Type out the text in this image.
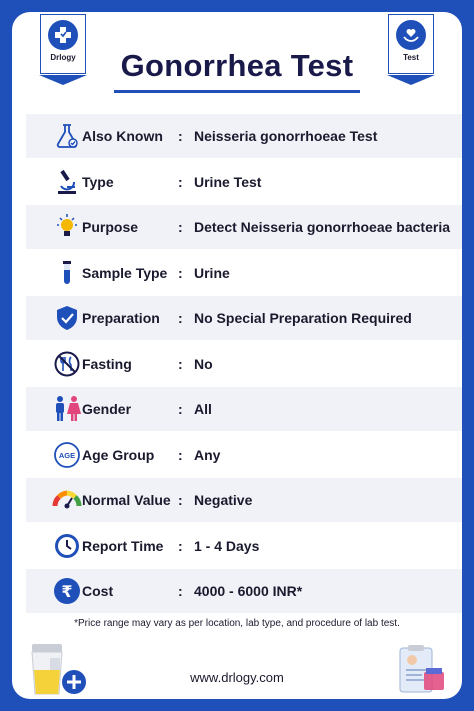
Drlogy	Test
Gonorrhea Test
Also Known : Neisseria gonorrhoeae Test
Type	: Urine Test
Purpose	: Detect Neisseria gonorrhoeae bacteria
Sample Type : Urine
Preparation : No Special Preparation Required
Fasting	: No
Gender	: All
AGE Age Group : Any
Normal Value : Negative
Report Time : 1 - 4 Days
₹ Cost	: 4000 - 6000 INR*
*Price range may vary as per location, lab type, and procedure of lab test.
www.drlogy.com
